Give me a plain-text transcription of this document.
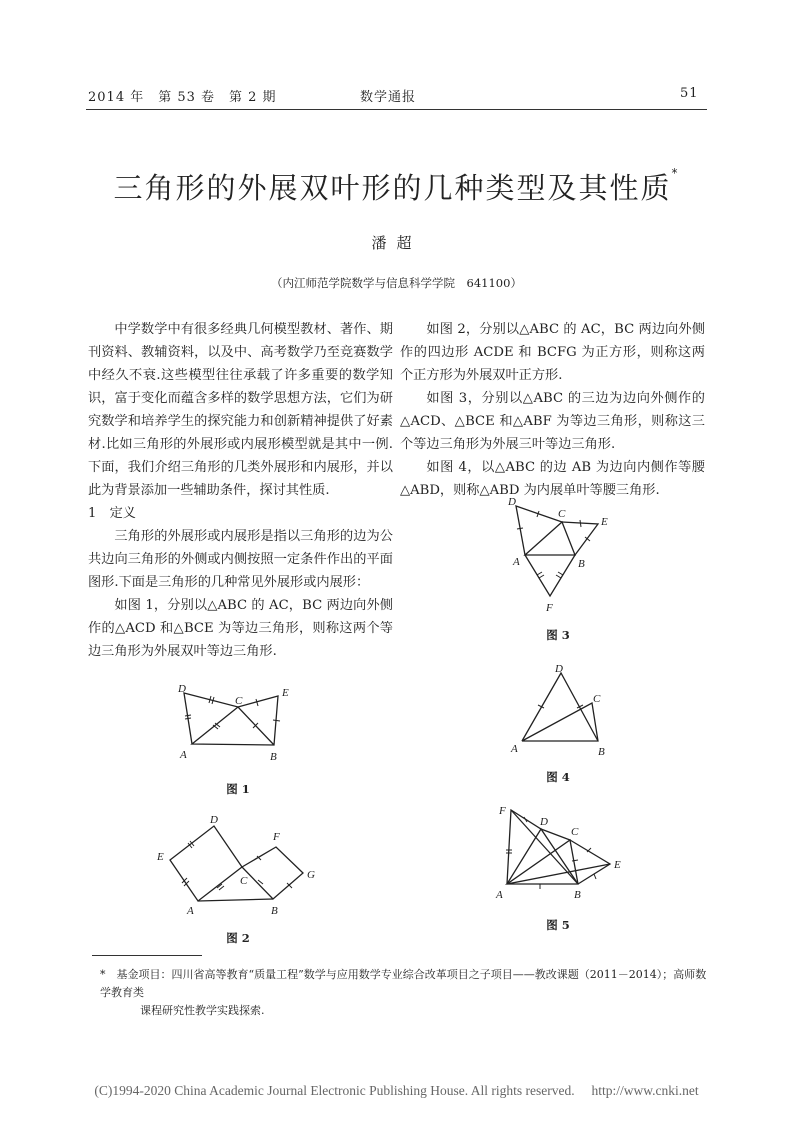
2014 年　第 53 卷　第 2 期	数学通报	51
三角形的外展双叶形的几种类型及其性质*
潘超
（内江师范学院数学与信息科学学院　641100）

中学数学中有很多经典几何模型教材、著作、期刊资料、教辅资料，以及中、高考数学乃至竞赛数学中经久不衰.这些模型往往承载了许多重要的数学知识，富于变化而蕴含多样的数学思想方法，它们为研究数学和培养学生的探究能力和创新精神提供了好素材.比如三角形的外展形或内展形模型就是其中一例.下面，我们介绍三角形的几类外展形和内展形，并以此为背景添加一些辅助条件，探讨其性质.

1　定义

三角形的外展形或内展形是指以三角形的边为公共边向三角形的外侧或内侧按照一定条件作出的平面图形.下面是三角形的几种常见外展形或内展形：

如图 1，分别以△ABC 的 AC，BC 两边向外侧作的△ACD 和△BCE 为等边三角形，则称这两个等边三角形为外展双叶等边三角形.

如图 2，分别以△ABC 的 AC，BC 两边向外侧作的四边形 ACDE 和 BCFG 为正方形，则称这两个正方形为外展双叶正方形.

如图 3，分别以△ABC 的三边为边向外侧作的△ACD、△BCE 和△ABF 为等边三角形，则称这三个等边三角形为外展三叶等边三角形.

如图 4，以△ABC 的边 AB 为边向内侧作等腰△ABD，则称△ABD 为内展单叶等腰三角形.

D
C
E
A	B
图 1
E
D
C
F
G
A	B
图 2
D
C
E
A	B
F
图 3
D
C
A	B
图 4
F
D
C
E
A	B
图 5
*　 基金项目：四川省高等教育“质量工程”数学与应用数学专业综合改革项目之子项目——教改课题（2011－2014）；高师数学教育类
课程研究性教学实践探索.
(C)1994-2020 China Academic Journal Electronic Publishing House. All rights reserved.　 http://www.cnki.net
